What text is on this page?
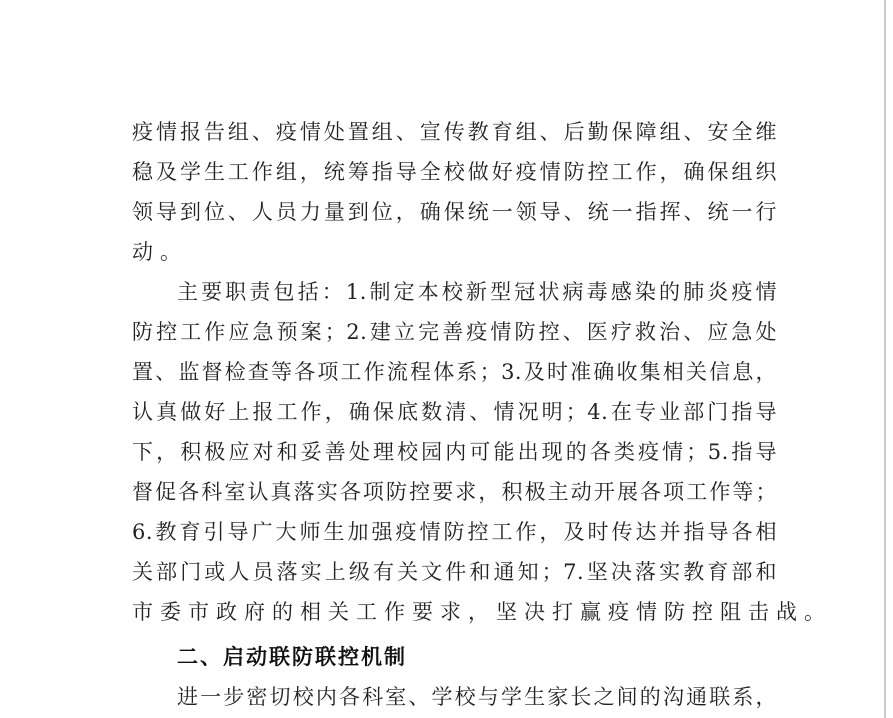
疫情报告组、疫情处置组、宣传教育组、后勤保障组、安全维
稳及学生工作组，统筹指导全校做好疫情防控工作，确保组织
领导到位、人员力量到位，确保统一领导、统一指挥、统一行
动。
主要职责包括：1.制定本校新型冠状病毒感染的肺炎疫情
防控工作应急预案；2.建立完善疫情防控、医疗救治、应急处
置、监督检查等各项工作流程体系；3.及时准确收集相关信息，
认真做好上报工作，确保底数清、情况明；4.在专业部门指导
下，积极应对和妥善处理校园内可能出现的各类疫情；5.指导
督促各科室认真落实各项防控要求，积极主动开展各项工作等；
6.教育引导广大师生加强疫情防控工作，及时传达并指导各相
关部门或人员落实上级有关文件和通知；7.坚决落实教育部和
市委市政府的相关工作要求，坚决打赢疫情防控阻击战。
二、启动联防联控机制
进一步密切校内各科室、学校与学生家长之间的沟通联系，
